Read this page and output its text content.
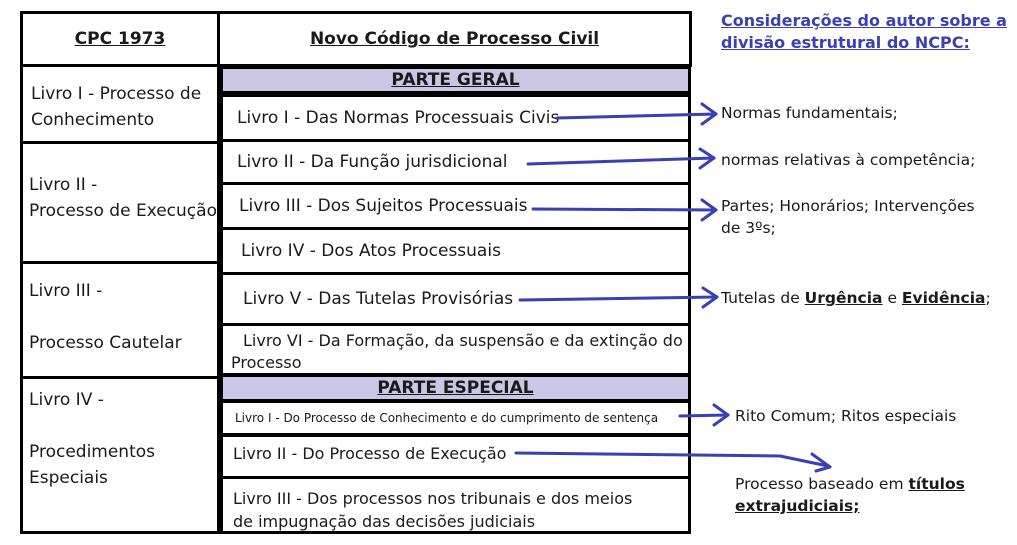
CPC 1973
Livro I - Processo de
Conhecimento
Livro II -
Processo de Execução
Livro III -
Processo Cautelar
Livro IV -
Procedimentos
Especiais
Novo Código de Processo Civil
PARTE GERAL
Livro I - Das Normas Processuais Civis
Livro II - Da Função jurisdicional
Livro III - Dos Sujeitos Processuais
Livro IV - Dos Atos Processuais
Livro V - Das Tutelas Provisórias
Livro VI - Da Formação, da suspensão e da extinção do
Processo
PARTE ESPECIAL
Livro I - Do Processo de Conhecimento e do cumprimento de sentença
Livro II - Do Processo de Execução
Livro III - Dos processos nos tribunais e dos meios
de impugnação das decisões judiciais
Considerações do autor sobre a
divisão estrutural do NCPC:
Normas fundamentais;
normas relativas à competência;
Partes; Honorários; Intervenções
de 3ºs;
Tutelas de Urgência e Evidência;
Rito Comum; Ritos especiais
Processo baseado em títulos
extrajudiciais;
